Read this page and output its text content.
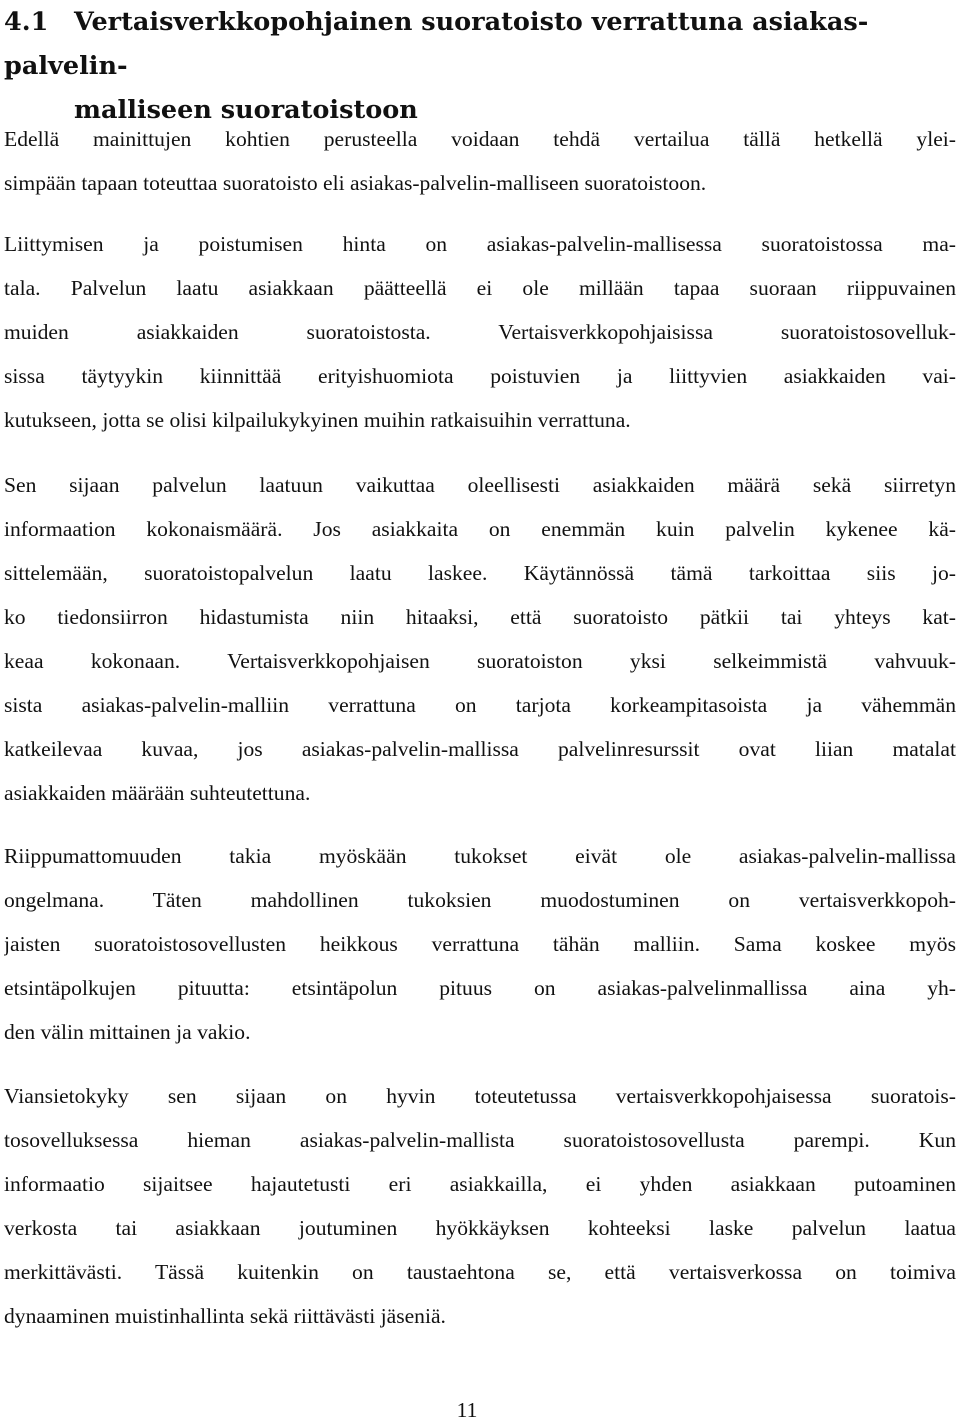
4.1 Vertaisverkkopohjainen suoratoisto verrattuna asiakas-palvelin-
malliseen suoratoistoon

Edellä mainittujen kohtien perusteella voidaan tehdä vertailua tällä hetkellä ylei-
simpään tapaan toteuttaa suoratoisto eli asiakas-palvelin-malliseen suoratoistoon.

Liittymisen ja poistumisen hinta on asiakas-palvelin-mallisessa suoratoistossa ma-
tala. Palvelun laatu asiakkaan päätteellä ei ole millään tapaa suoraan riippuvainen
muiden asiakkaiden suoratoistosta. Vertaisverkkopohjaisissa suoratoistosovelluk-
sissa täytyykin kiinnittää erityishuomiota poistuvien ja liittyvien asiakkaiden vai-
kutukseen, jotta se olisi kilpailukykyinen muihin ratkaisuihin verrattuna.

Sen sijaan palvelun laatuun vaikuttaa oleellisesti asiakkaiden määrä sekä siirretyn
informaation kokonaismäärä. Jos asiakkaita on enemmän kuin palvelin kykenee kä-
sittelemään, suoratoistopalvelun laatu laskee. Käytännössä tämä tarkoittaa siis jo-
ko tiedonsiirron hidastumista niin hitaaksi, että suoratoisto pätkii tai yhteys kat-
keaa kokonaan. Vertaisverkkopohjaisen suoratoiston yksi selkeimmistä vahvuuk-
sista asiakas-palvelin-malliin verrattuna on tarjota korkeampitasoista ja vähemmän
katkeilevaa kuvaa, jos asiakas-palvelin-mallissa palvelinresurssit ovat liian matalat
asiakkaiden määrään suhteutettuna.

Riippumattomuuden takia myöskään tukokset eivät ole asiakas-palvelin-mallissa
ongelmana. Täten mahdollinen tukoksien muodostuminen on vertaisverkkopoh-
jaisten suoratoistosovellusten heikkous verrattuna tähän malliin. Sama koskee myös
etsintäpolkujen pituutta: etsintäpolun pituus on asiakas-palvelinmallissa aina yh-
den välin mittainen ja vakio.

Viansietokyky sen sijaan on hyvin toteutetussa vertaisverkkopohjaisessa suoratois-
tosovelluksessa hieman asiakas-palvelin-mallista suoratoistosovellusta parempi. Kun
informaatio sijaitsee hajautetusti eri asiakkailla, ei yhden asiakkaan putoaminen
verkosta tai asiakkaan joutuminen hyökkäyksen kohteeksi laske palvelun laatua
merkittävästi. Tässä kuitenkin on taustaehtona se, että vertaisverkossa on toimiva
dynaaminen muistinhallinta sekä riittävästi jäseniä.

11
